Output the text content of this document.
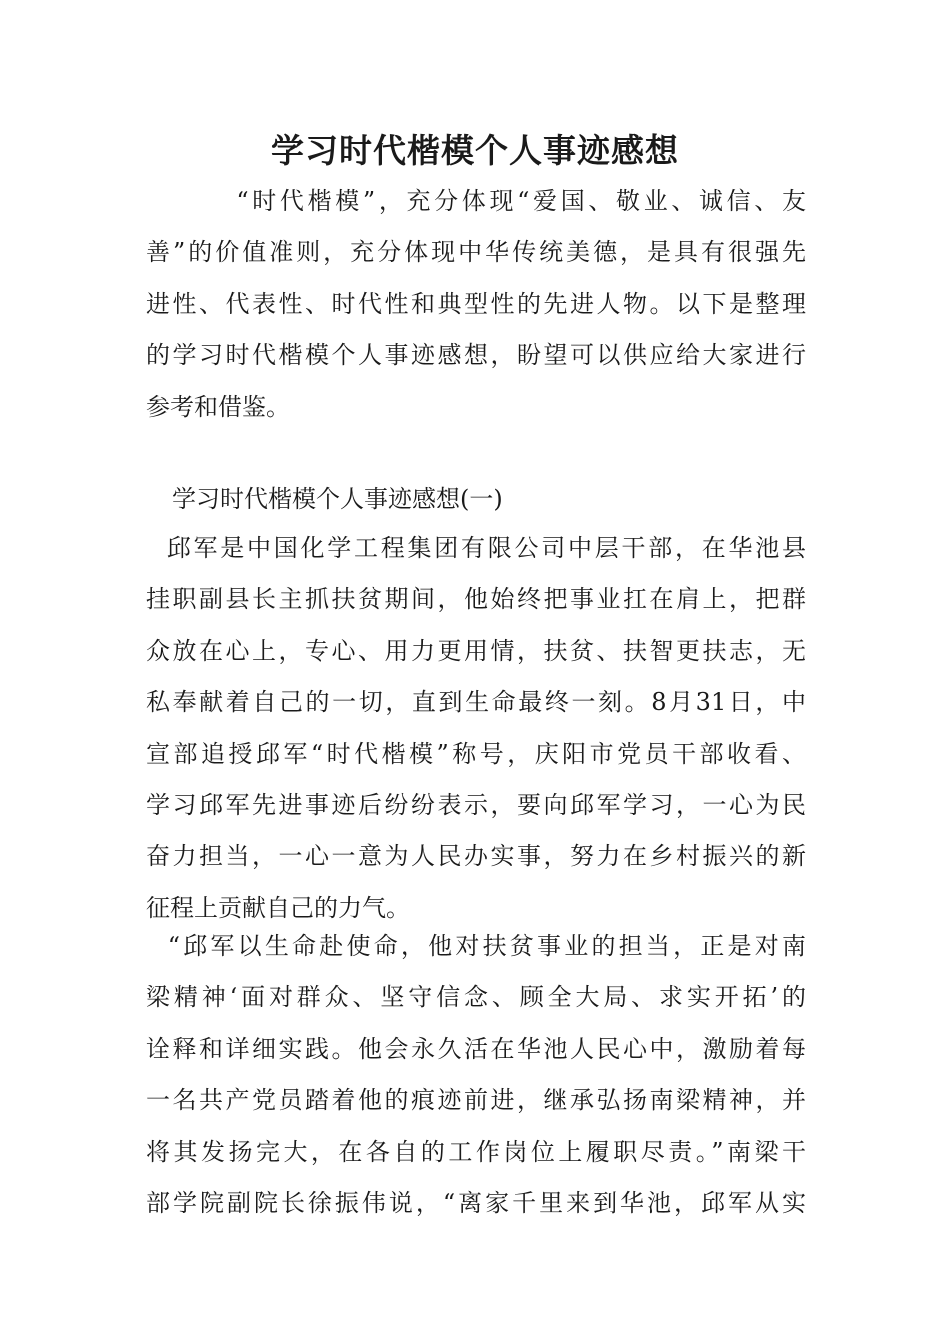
学习时代楷模个人事迹感想
“时代楷模”，充分体现“爱国、敬业、诚信、友
善”的价值准则，充分体现中华传统美德，是具有很强先
进性、代表性、时代性和典型性的先进人物。以下是整理
的学习时代楷模个人事迹感想，盼望可以供应给大家进行
参考和借鉴。

学习时代楷模个人事迹感想(一)

邱军是中国化学工程集团有限公司中层干部，在华池县
挂职副县长主抓扶贫期间，他始终把事业扛在肩上，把群
众放在心上，专心、用力更用情，扶贫、扶智更扶志，无
私奉献着自己的一切，直到生命最终一刻。8月31日，中
宣部追授邱军“时代楷模”称号，庆阳市党员干部收看、
学习邱军先进事迹后纷纷表示，要向邱军学习，一心为民
奋力担当，一心一意为人民办实事，努力在乡村振兴的新
征程上贡献自己的力气。
“邱军以生命赴使命，他对扶贫事业的担当，正是对南
梁精神‘面对群众、坚守信念、顾全大局、求实开拓’的
诠释和详细实践。他会永久活在华池人民心中，激励着每
一名共产党员踏着他的痕迹前进，继承弘扬南梁精神，并
将其发扬完大，在各自的工作岗位上履职尽责。”南梁干
部学院副院长徐振伟说，“离家千里来到华池，邱军从实
